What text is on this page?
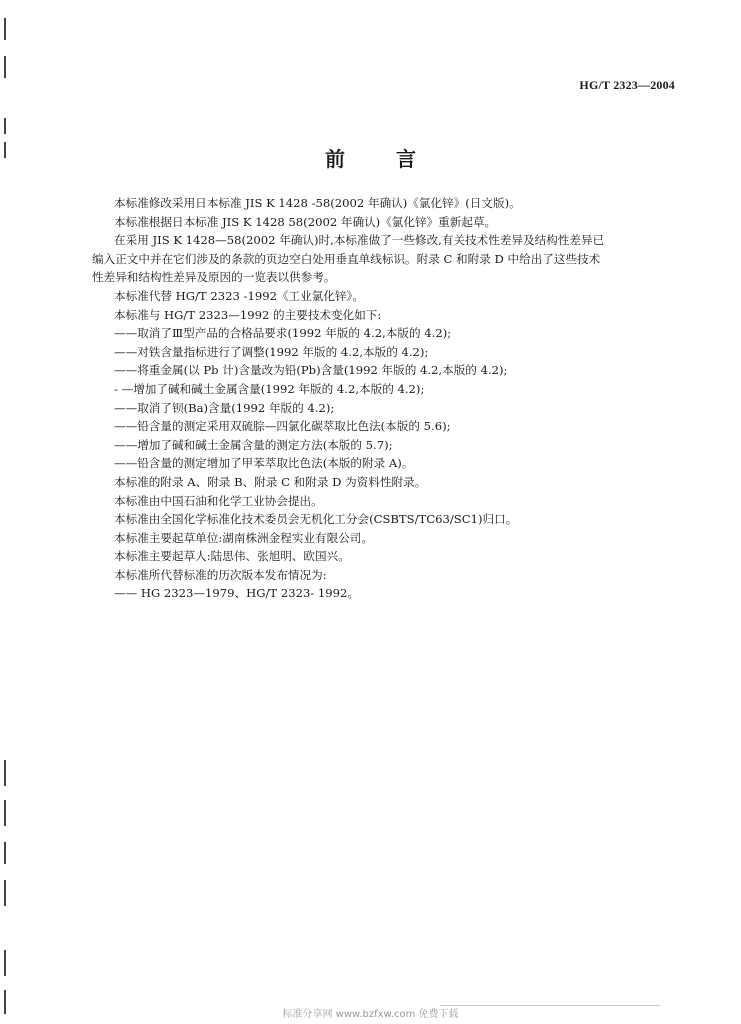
HG/T 2323—2004
前 言

本标准修改采用日本标准 JIS K 1428 -58(2002 年确认)《氯化锌》(日文版)。

本标准根据日本标准 JIS K 1428 58(2002 年确认)《氯化锌》重新起草。

在采用 JIS K 1428—58(2002 年确认)时,本标准做了一些修改,有关技术性差异及结构性差异已
编入正文中并在它们涉及的条款的页边空白处用垂直单线标识。附录 C 和附录 D 中给出了这些技术
性差异和结构性差异及原因的一览表以供参考。

本标准代替 HG/T 2323 -1992《工业氯化锌》。

本标准与 HG/T 2323—1992 的主要技术变化如下:

——取消了Ⅲ型产品的合格品要求(1992 年版的 4.2,本版的 4.2);

——对铁含量指标进行了调整(1992 年版的 4.2,本版的 4.2);

——将重金属(以 Pb 计)含量改为铅(Pb)含量(1992 年版的 4.2,本版的 4.2);

- —增加了碱和碱土金属含量(1992 年版的 4.2,本版的 4.2);

——取消了钡(Ba)含量(1992 年版的 4.2);

——铅含量的测定采用双硫腙—四氯化碳萃取比色法(本版的 5.6);

——增加了碱和碱土金属含量的测定方法(本版的 5.7);

——铅含量的测定增加了甲苯萃取比色法(本版的附录 A)。

本标准的附录 A、附录 B、附录 C 和附录 D 为资料性附录。

本标准由中国石油和化学工业协会提出。

本标准由全国化学标准化技术委员会无机化工分会(CSBTS/TC63/SC1)归口。

本标准主要起草单位:湖南株洲金程实业有限公司。

本标准主要起草人:陆思伟、张旭明、欧国兴。

本标准所代替标准的历次版本发布情况为:

—— HG 2323—1979、HG/T 2323- 1992。

标准分享网 www.bzfxw.com 免费下载
